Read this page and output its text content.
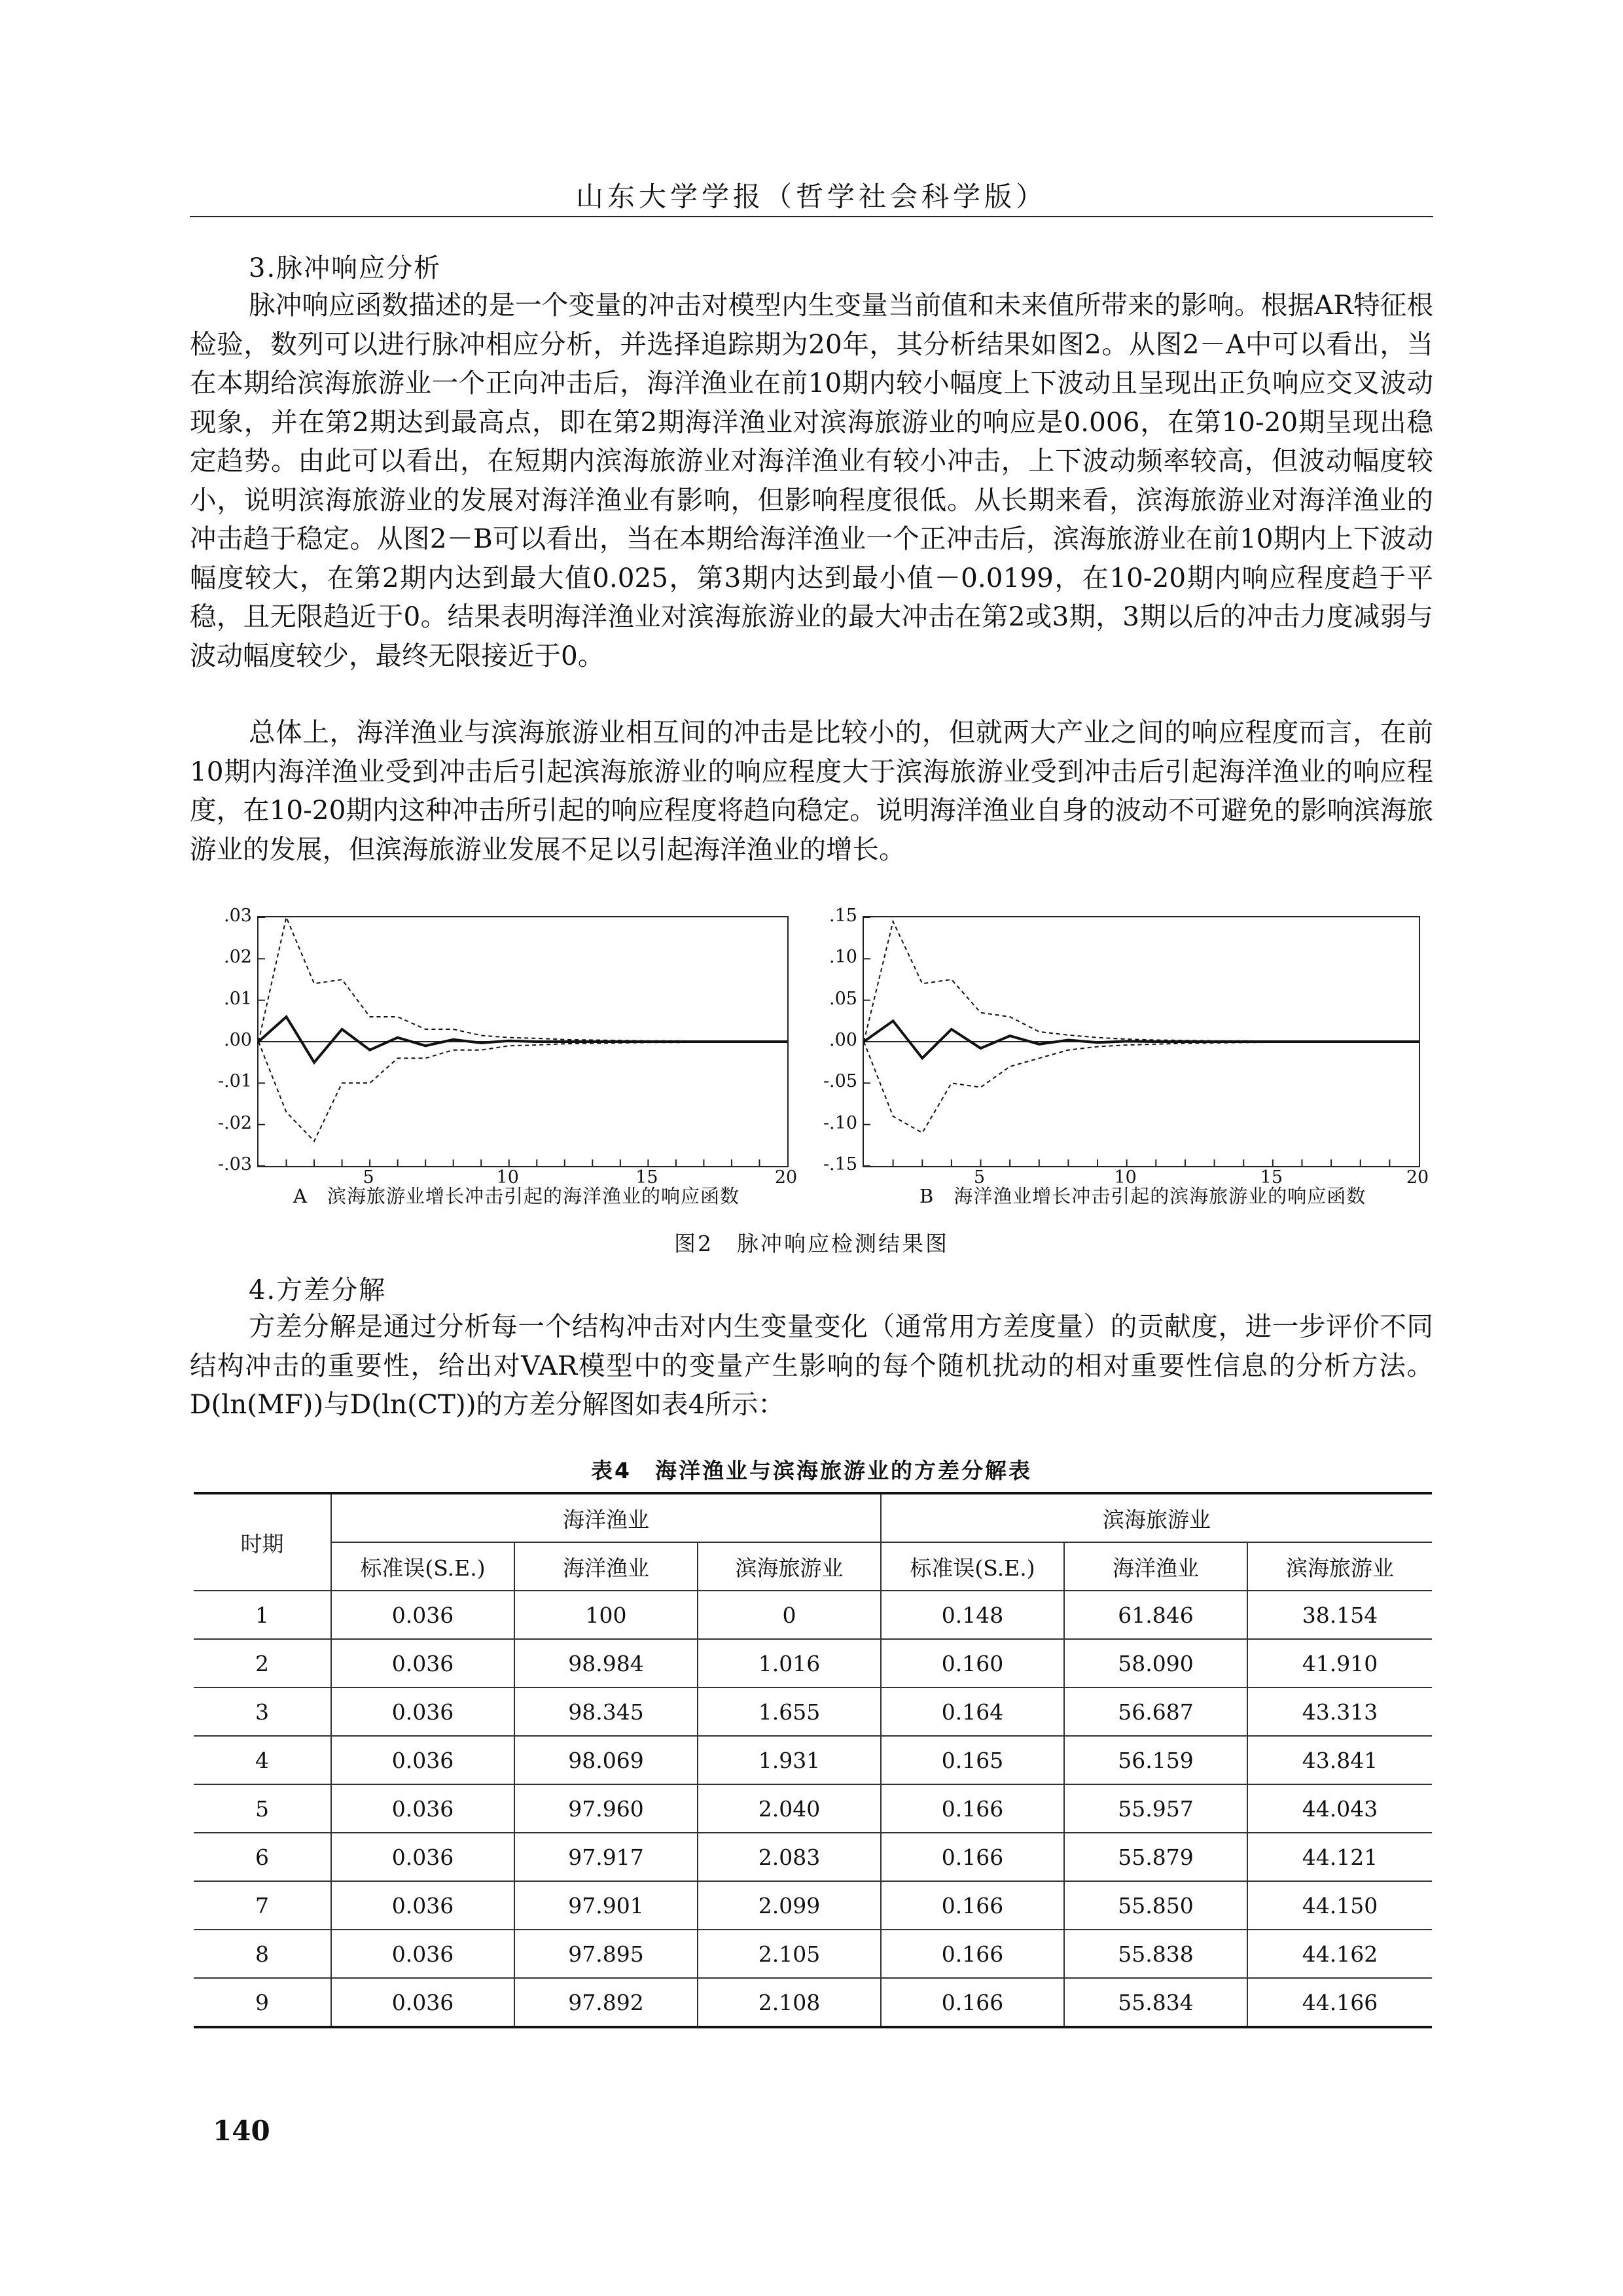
山东大学学报（哲学社会科学版）
3.脉冲响应分析

脉冲响应函数描述的是一个变量的冲击对模型内生变量当前值和未来值所带来的影响。根据AR特征根检验，数列可以进行脉冲相应分析，并选择追踪期为20年，其分析结果如图2。从图2－A中可以看出，当在本期给滨海旅游业一个正向冲击后，海洋渔业在前10期内较小幅度上下波动且呈现出正负响应交叉波动现象，并在第2期达到最高点，即在第2期海洋渔业对滨海旅游业的响应是0.006，在第10-20期呈现出稳定趋势。由此可以看出，在短期内滨海旅游业对海洋渔业有较小冲击，上下波动频率较高，但波动幅度较小，说明滨海旅游业的发展对海洋渔业有影响，但影响程度很低。从长期来看，滨海旅游业对海洋渔业的冲击趋于稳定。从图2－B可以看出，当在本期给海洋渔业一个正冲击后，滨海旅游业在前10期内上下波动幅度较大，在第2期内达到最大值0.025，第3期内达到最小值－0.0199，在10-20期内响应程度趋于平稳，且无限趋近于0。结果表明海洋渔业对滨海旅游业的最大冲击在第2或3期，3期以后的冲击力度减弱与波动幅度较少，最终无限接近于0。

总体上，海洋渔业与滨海旅游业相互间的冲击是比较小的，但就两大产业之间的响应程度而言，在前10期内海洋渔业受到冲击后引起滨海旅游业的响应程度大于滨海旅游业受到冲击后引起海洋渔业的响应程度，在10-20期内这种冲击所引起的响应程度将趋向稳定。说明海洋渔业自身的波动不可避免的影响滨海旅游业的发展，但滨海旅游业发展不足以引起海洋渔业的增长。

.03
.02
.01
.00
-.01
-.02
-.03
5	10	15	20
A　滨海旅游业增长冲击引起的海洋渔业的响应函数
.15
.10
.05
.00
-.05
-.10
-.15
5	10	15	20
B　海洋渔业增长冲击引起的滨海旅游业的响应函数
图2　脉冲响应检测结果图
4.方差分解

方差分解是通过分析每一个结构冲击对内生变量变化（通常用方差度量）的贡献度，进一步评价不同结构冲击的重要性，给出对VAR模型中的变量产生影响的每个随机扰动的相对重要性信息的分析方法。D(ln(MF))与D(ln(CT))的方差分解图如表4所示：

表4　海洋渔业与滨海旅游业的方差分解表
时期	海洋渔业			滨海旅游业		
	标准误(S.E.)	海洋渔业	滨海旅游业	标准误(S.E.)	海洋渔业	滨海旅游业
1	0.036	100	0	0.148	61.846	38.154
2	0.036	98.984	1.016	0.160	58.090	41.910
3	0.036	98.345	1.655	0.164	56.687	43.313
4	0.036	98.069	1.931	0.165	56.159	43.841
5	0.036	97.960	2.040	0.166	55.957	44.043
6	0.036	97.917	2.083	0.166	55.879	44.121
7	0.036	97.901	2.099	0.166	55.850	44.150
8	0.036	97.895	2.105	0.166	55.838	44.162
9	0.036	97.892	2.108	0.166	55.834	44.166
140
